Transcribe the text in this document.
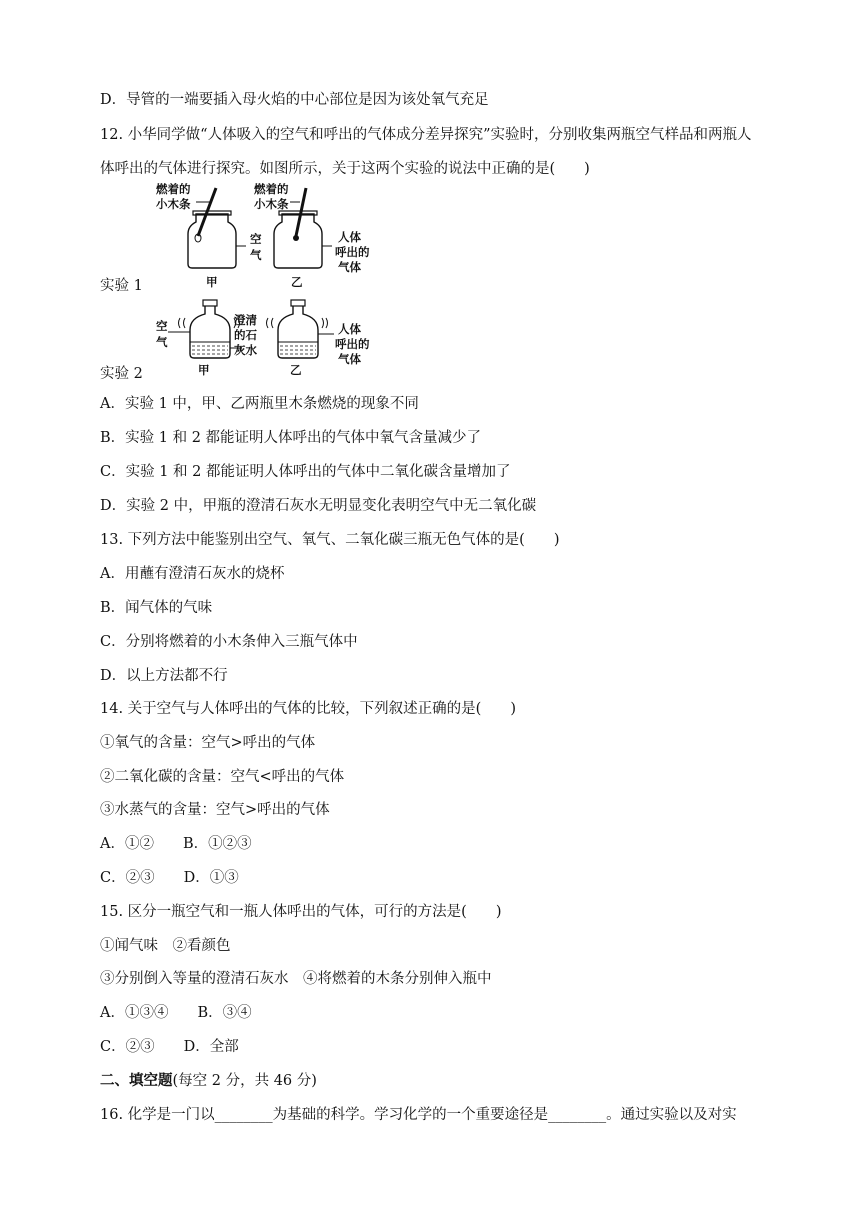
D．导管的一端要插入母火焰的中心部位是因为该处氧气充足
12. 小华同学做“人体吸入的空气和呼出的气体成分差异探究”实验时，分别收集两瓶空气样品和两瓶人体呼出的气体进行探究。如图所示，关于这两个实验的说法中正确的是(　　)
燃着的
小木条
空
气
甲
燃着的
小木条
人体
呼出的
气体
乙
实验 1
空
气
澄清
的石
灰水
甲
人体
呼出的
气体
乙
实验 2
A．实验 1 中，甲、乙两瓶里木条燃烧的现象不同
B．实验 1 和 2 都能证明人体呼出的气体中氧气含量减少了
C．实验 1 和 2 都能证明人体呼出的气体中二氧化碳含量增加了
D．实验 2 中，甲瓶的澄清石灰水无明显变化表明空气中无二氧化碳
13. 下列方法中能鉴别出空气、氧气、二氧化碳三瓶无色气体的是(　　)
A．用蘸有澄清石灰水的烧杯
B．闻气体的气味
C．分别将燃着的小木条伸入三瓶气体中
D．以上方法都不行
14. 关于空气与人体呼出的气体的比较，下列叙述正确的是(　　)
①氧气的含量：空气>呼出的气体
②二氧化碳的含量：空气<呼出的气体
③水蒸气的含量：空气>呼出的气体
A．①②　　B．①②③
C．②③　　D．①③
15. 区分一瓶空气和一瓶人体呼出的气体，可行的方法是(　　)
①闻气味　②看颜色
③分别倒入等量的澄清石灰水　④将燃着的木条分别伸入瓶中
A．①③④　　B．③④
C．②③　　D．全部
二、填空题(每空 2 分，共 46 分)
16. 化学是一门以________为基础的科学。学习化学的一个重要途径是________。通过实验以及对实
